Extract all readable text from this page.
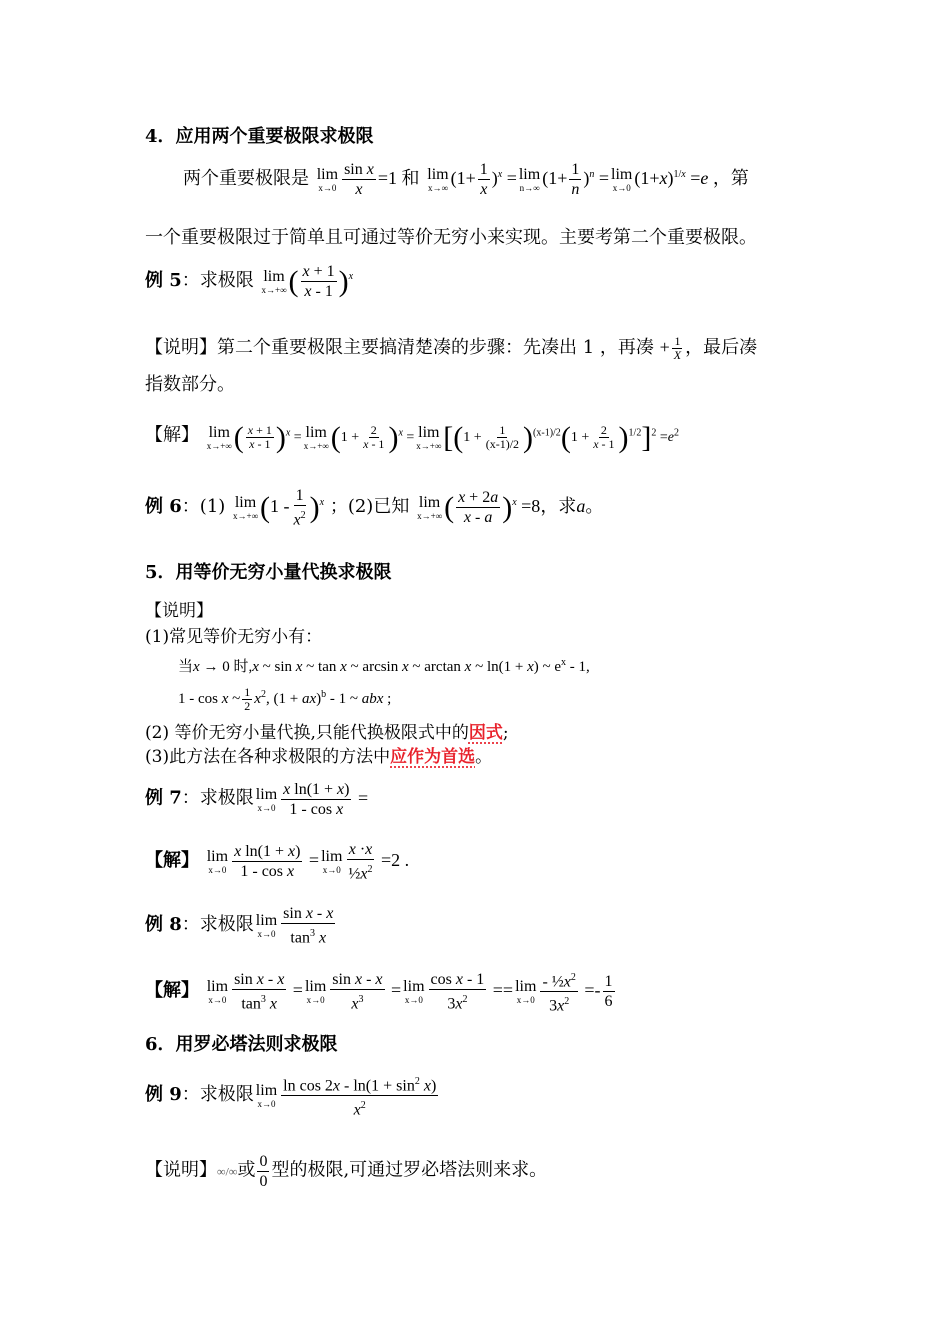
4．应用两个重要极限求极限
两个重要极限是 lim
$x\to 0 \frac{\text{sin x}}{x} =1$ 和 lim
x→∞
$(1+ \frac{1}{x} )^x = \lim$
n→∞
$(1+ \frac{1}{n} )^n = \lim$
x→0
$(1+x)^{1/x} =e$ ，第
一个重要极限过于简单且可通过等价无穷小来实现。主要考第二个重要极限。
例 5：求极限 lim
x→+∞ ( $\frac{x + 1}{x - 1} )^x$
【说明】第二个重要极限主要搞清楚凑的步骤：先凑出 1 ，再凑 + $\frac{1}{X}$ ，最后凑
指数部分。
【解】 lim
x→+∞ ( $\frac{x + 1}{x - 1} )^x = \lim$
x→+∞ $(1 + \frac{2}{x - 1} )^x = \lim$
x→+∞ $[(1 + \frac{1}{(x-1)/2} )^{(x-1)/2}(1 + \frac{2}{x - 1} )^{1/2}]^2 =e^2$
例 6：(1) lim
x→+∞ $(1 - \frac{1}{x^2} )^x$ ；(2)已知 lim
x→+∞ ( $\frac{x + 2a}{x - a} )^x =8$，求a。
5．用等价无穷小量代换求极限
【说明】
(1)常见等价无穷小有：
当x → 0 时,x ~ sin x ~ tan x ~ arcsin x ~ arctan x ~ ln(1 + x) ~ $e^x - 1$,
1 - cos x ~ $\frac{1}{2} x^2$, (1 + ax)$^b$ - 1 ~ abx ;
(2) 等价无穷小量代换,只能代换极限式中的因式;
(3)此方法在各种求极限的方法中应作为首选。
例 7：求极限 lim
$x\to 0 \frac{\text{x ln(1 + x)}}{\text{1 - cos x}}$ =
【解】 lim
$x\to 0 \frac{\text{x ln(1 + x)}}{\text{1 - cos x}} = \lim$
$x\to 0 \frac{x \cdot x}{\frac{1}{2}x^2} =2$ .
例 8：求极限 lim
$x\to 0 \frac{\text{sin x - x}}{\tan^3 x}$
【解】 lim
$x\to 0 \frac{\text{sin x - x}}{\tan^3 x} = \lim$
$x\to 0 \frac{\text{sin x - x}}{x^3} = \lim$
$x\to 0 \frac{\text{cos x - 1}}{3x^2} == \lim$
$x\to 0 \frac{- \frac{1}{2}x^2}{3x^2} =- \frac{1}{6}$
6．用罗必塔法则求极限
例 9：求极限 lim
$x\to 0 \frac{\ln \cos 2x - \ln(1 + \sin^2 x)}{x^2}$
【说明】∞/∞或 $\frac{0}{0}$ 型的极限,可通过罗必塔法则来求。
